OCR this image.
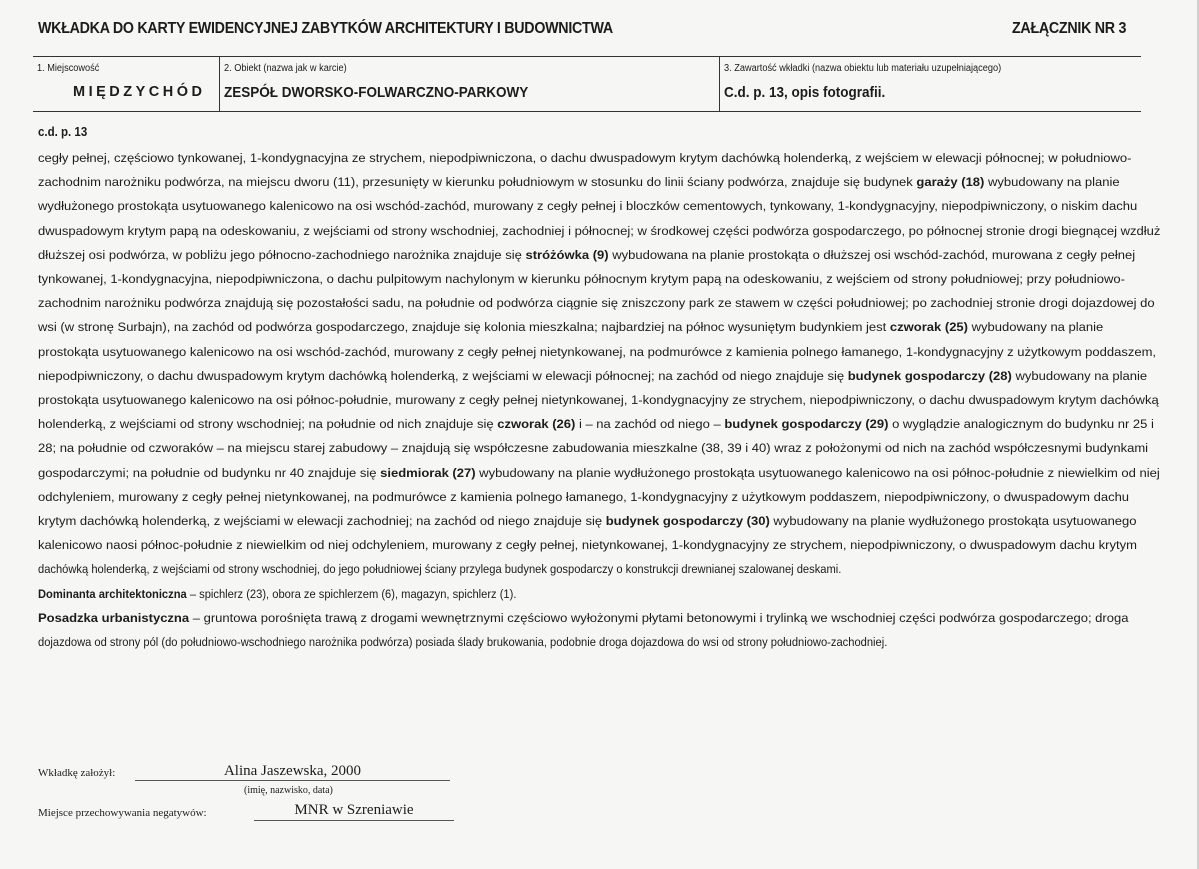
WKŁADKA DO KARTY EWIDENCYJNEJ ZABYTKÓW ARCHITEKTURY I BUDOWNICTWA	ZAŁĄCZNIK NR 3
1. Miejscowość
MIĘDZYCHÓD
2. Obiekt (nazwa jak w karcie)
ZESPÓŁ DWORSKO-FOLWARCZNO-PARKOWY
3. Zawartość wkładki (nazwa obiektu lub materiału uzupełniającego)
C.d. p. 13, opis fotografii.
c.d. p. 13
cegły pełnej, częściowo tynkowanej, 1-kondygnacyjna ze strychem, niepodpiwniczona, o dachu dwuspadowym krytym dachówką holenderką, z wejściem w elewacji północnej; w południowo-
zachodnim narożniku podwórza, na miejscu dworu (11), przesunięty w kierunku południowym w stosunku do linii ściany podwórza, znajduje się budynek garaży (18) wybudowany na planie
wydłużonego prostokąta usytuowanego kalenicowo na osi wschód-zachód, murowany z cegły pełnej i bloczków cementowych, tynkowany, 1-kondygnacyjny, niepodpiwniczony, o niskim dachu
dwuspadowym krytym papą na odeskowaniu, z wejściami od strony wschodniej, zachodniej i północnej; w środkowej części podwórza gospodarczego, po północnej stronie drogi biegnącej wzdłuż
dłuższej osi podwórza, w pobliżu jego północno-zachodniego narożnika znajduje się stróżówka (9) wybudowana na planie prostokąta o dłuższej osi wschód-zachód, murowana z cegły pełnej
tynkowanej, 1-kondygnacyjna, niepodpiwniczona, o dachu pulpitowym nachylonym w kierunku północnym krytym papą na odeskowaniu, z wejściem od strony południowej; przy południowo-
zachodnim narożniku podwórza znajdują się pozostałości sadu, na południe od podwórza ciągnie się zniszczony park ze stawem w części południowej; po zachodniej stronie drogi dojazdowej do
wsi (w stronę Surbajn), na zachód od podwórza gospodarczego, znajduje się kolonia mieszkalna; najbardziej na północ wysuniętym budynkiem jest czworak (25) wybudowany na planie
prostokąta usytuowanego kalenicowo na osi wschód-zachód, murowany z cegły pełnej nietynkowanej, na podmurówce z kamienia polnego łamanego, 1-kondygnacyjny z użytkowym poddaszem,
niepodpiwniczony, o dachu dwuspadowym krytym dachówką holenderką, z wejściami w elewacji północnej; na zachód od niego znajduje się budynek gospodarczy (28) wybudowany na planie
prostokąta usytuowanego kalenicowo na osi północ-południe, murowany z cegły pełnej nietynkowanej, 1-kondygnacyjny ze strychem, niepodpiwniczony, o dachu dwuspadowym krytym dachówką
holenderką, z wejściami od strony wschodniej; na południe od nich znajduje się czworak (26) i – na zachód od niego – budynek gospodarczy (29) o wyglądzie analogicznym do budynku nr 25 i
28; na południe od czworaków – na miejscu starej zabudowy – znajdują się współczesne zabudowania mieszkalne (38, 39 i 40) wraz z położonymi od nich na zachód współczesnymi budynkami
gospodarczymi; na południe od budynku nr 40 znajduje się siedmiorak (27) wybudowany na planie wydłużonego prostokąta usytuowanego kalenicowo na osi północ-południe z niewielkim od niej
odchyleniem, murowany z cegły pełnej nietynkowanej, na podmurówce z kamienia polnego łamanego, 1-kondygnacyjny z użytkowym poddaszem, niepodpiwniczony, o dwuspadowym dachu
krytym dachówką holenderką, z wejściami w elewacji zachodniej; na zachód od niego znajduje się budynek gospodarczy (30) wybudowany na planie wydłużonego prostokąta usytuowanego
kalenicowo naosi północ-południe z niewielkim od niej odchyleniem, murowany z cegły pełnej, nietynkowanej, 1-kondygnacyjny ze strychem, niepodpiwniczony, o dwuspadowym dachu krytym
dachówką holenderką, z wejściami od strony wschodniej, do jego południowej ściany przylega budynek gospodarczy o konstrukcji drewnianej szalowanej deskami.
Dominanta architektoniczna – spichlerz (23), obora ze spichlerzem (6), magazyn, spichlerz (1).
Posadzka urbanistyczna – gruntowa porośnięta trawą z drogami wewnętrznymi częściowo wyłożonymi płytami betonowymi i trylinką we wschodniej części podwórza gospodarczego; droga
dojazdowa od strony pól (do południowo-wschodniego narożnika podwórza) posiada ślady brukowania, podobnie droga dojazdowa do wsi od strony południowo-zachodniej.
Wkładkę założył:	Alina Jaszewska, 2000
(imię, nazwisko, data)
Miejsce przechowywania negatywów:	MNR w Szreniawie
